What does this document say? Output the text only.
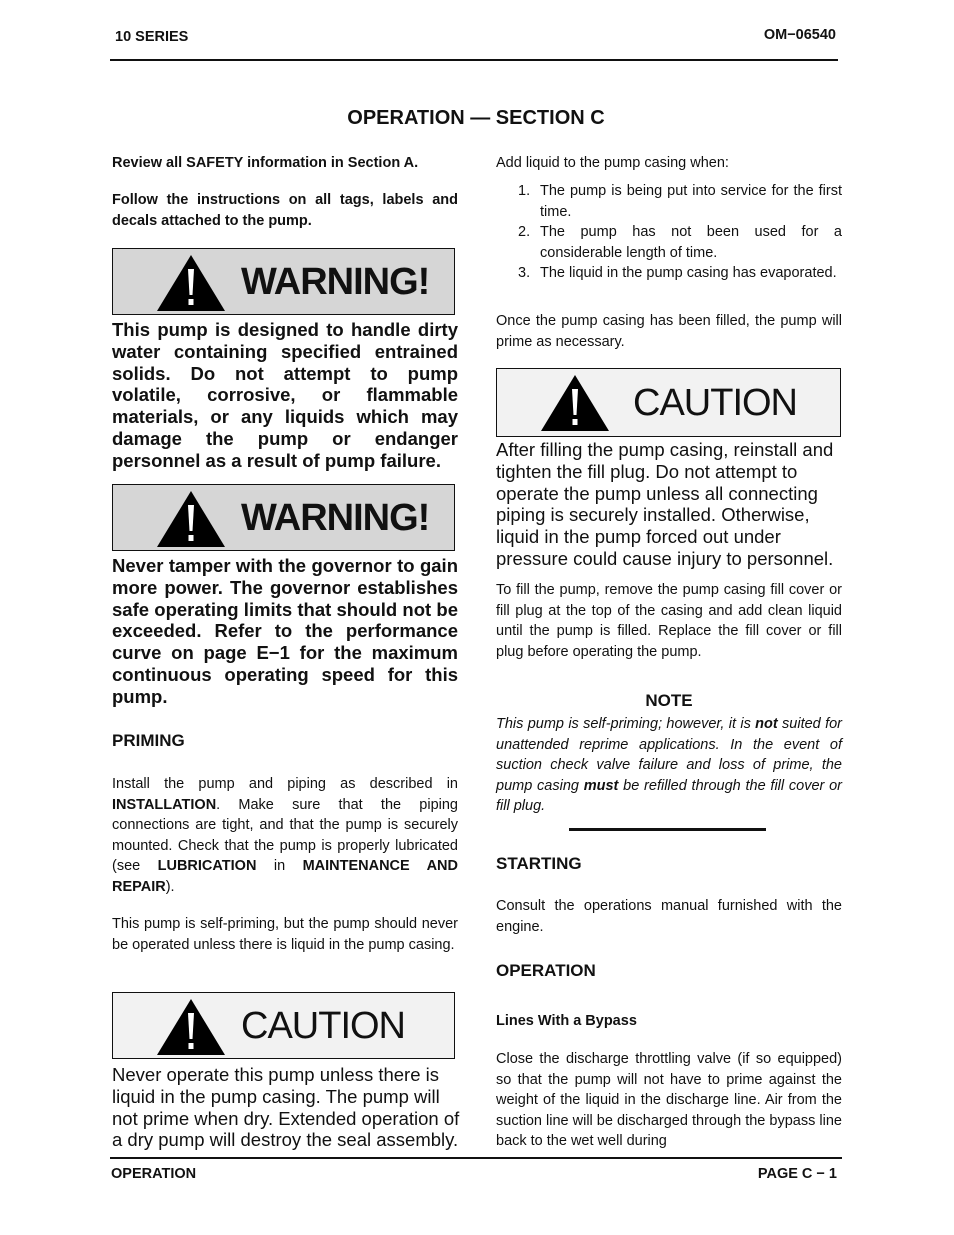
10 SERIES	OM−06540
OPERATION — SECTION C
Review all SAFETY information in Section A.
Follow the instructions on all tags, labels and decals attached to the pump.
WARNING!
This pump is designed to handle dirty water containing specified entrained solids. Do not attempt to pump volatile, corrosive, or flammable materials, or any liquids which may damage the pump or endanger personnel as a result of pump failure.
WARNING!
Never tamper with the governor to gain more power. The governor establishes safe operating limits that should not be exceeded. Refer to the performance curve on page E−1 for the maximum continuous operating speed for this pump.
PRIMING
Install the pump and piping as described in INSTALLATION. Make sure that the piping connections are tight, and that the pump is securely mounted. Check that the pump is properly lubricated (see LUBRICATION in MAINTENANCE AND REPAIR).
This pump is self-priming, but the pump should never be operated unless there is liquid in the pump casing.
CAUTION
Never operate this pump unless there is liquid in the pump casing. The pump will not prime when dry. Extended operation of a dry pump will destroy the seal assembly.
Add liquid to the pump casing when:
1. The pump is being put into service for the first time.
2. The pump has not been used for a considerable length of time.
3. The liquid in the pump casing has evaporated.
Once the pump casing has been filled, the pump will prime as necessary.
CAUTION
After filling the pump casing, reinstall and tighten the fill plug. Do not attempt to operate the pump unless all connecting piping is securely installed. Otherwise, liquid in the pump forced out under pressure could cause injury to personnel.
To fill the pump, remove the pump casing fill cover or fill plug at the top of the casing and add clean liquid until the pump is filled. Replace the fill cover or fill plug before operating the pump.
NOTE
This pump is self-priming; however, it is not suited for unattended reprime applications. In the event of suction check valve failure and loss of prime, the pump casing must be refilled through the fill cover or fill plug.
STARTING
Consult the operations manual furnished with the engine.
OPERATION
Lines With a Bypass
Close the discharge throttling valve (if so equipped) so that the pump will not have to prime against the weight of the liquid in the discharge line. Air from the suction line will be discharged through the bypass line back to the wet well during
OPERATION	PAGE C − 1
